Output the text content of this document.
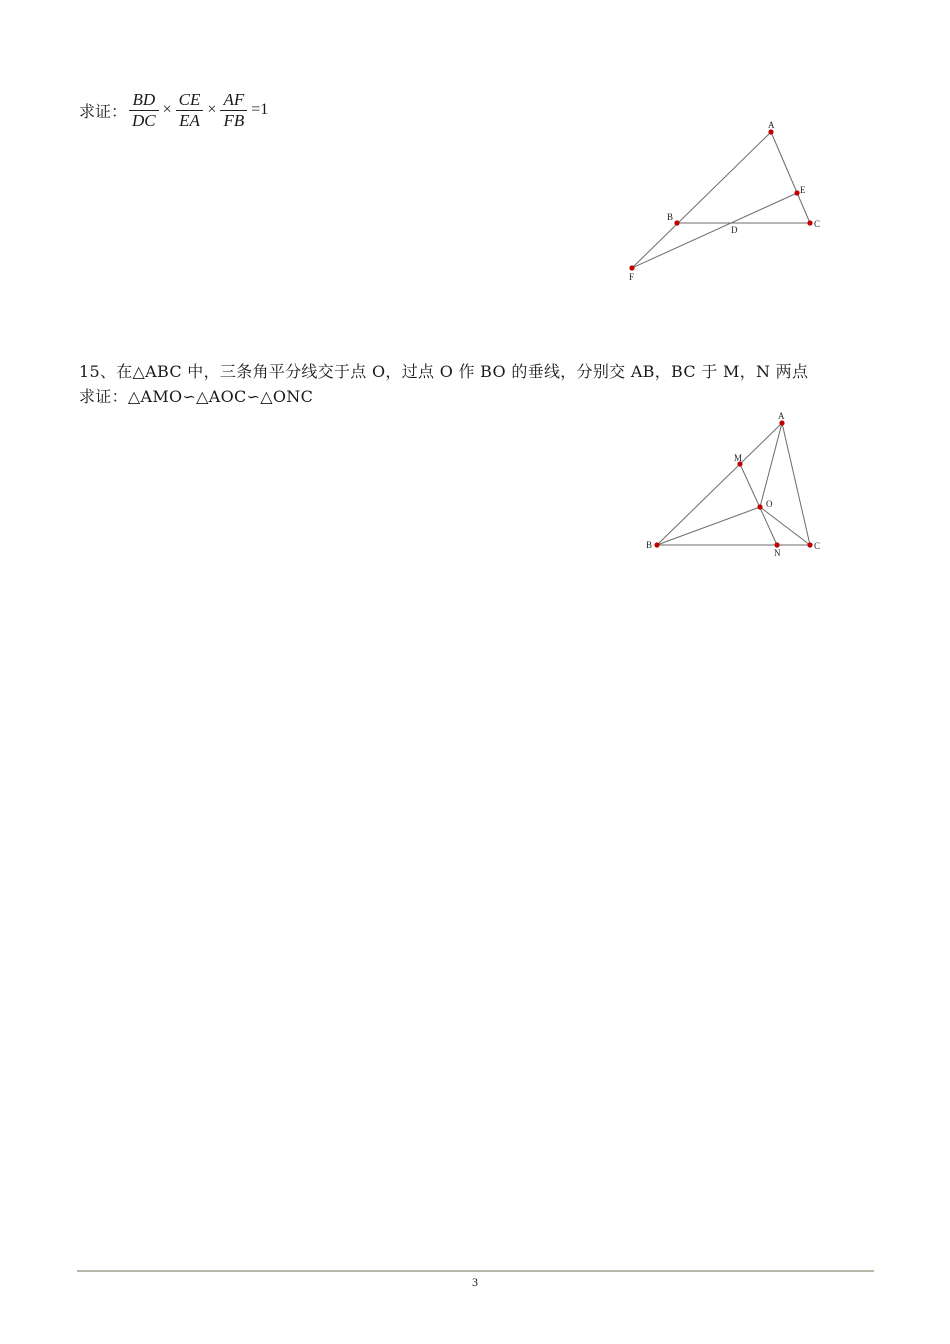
求证： $\frac{BD}{DC} \times \frac{CE}{EA} \times \frac{AF}{FB} =1$
A
B
C
D
E
F
15、在△ABC 中，三条角平分线交于点 O，过点 O 作 BO 的垂线，分别交 AB，BC 于 M，N 两点
求证：△AMO∽△AOC∽△ONC
A
B	C
M
O
N
3
